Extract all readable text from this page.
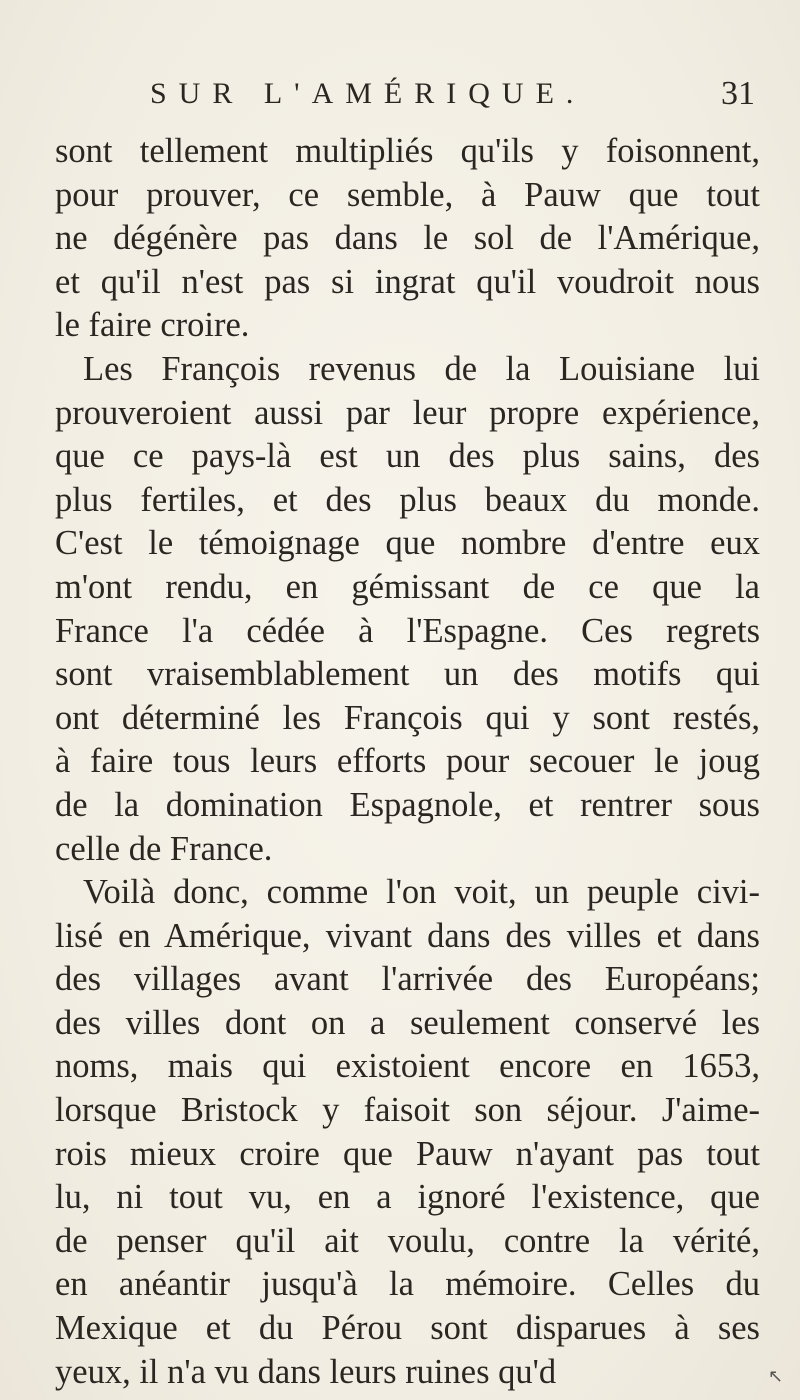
SUR L'AMÉRIQUE.	31
sont tellement multipliés qu'ils y foisonnent,
pour prouver, ce semble, à Pauw que tout
ne dégénère pas dans le sol de l'Amérique,
et qu'il n'est pas si ingrat qu'il voudroit nous
le faire croire.
Les François revenus de la Louisiane lui
prouveroient aussi par leur propre expérience,
que ce pays-là est un des plus sains, des
plus fertiles, et des plus beaux du monde.
C'est le témoignage que nombre d'entre eux
m'ont rendu, en gémissant de ce que la
France l'a cédée à l'Espagne. Ces regrets
sont vraisemblablement un des motifs qui
ont déterminé les François qui y sont restés,
à faire tous leurs efforts pour secouer le joug
de la domination Espagnole, et rentrer sous
celle de France.
Voilà donc, comme l'on voit, un peuple civi-
lisé en Amérique, vivant dans des villes et dans
des villages avant l'arrivée des Européans;
des villes dont on a seulement conservé les
noms, mais qui existoient encore en 1653,
lorsque Bristock y faisoit son séjour. J'aime-
rois mieux croire que Pauw n'ayant pas tout
lu, ni tout vu, en a ignoré l'existence, que
de penser qu'il ait voulu, contre la vérité,
en anéantir jusqu'à la mémoire. Celles du
Mexique et du Pérou sont disparues à ses
yeux, il n'a vu dans leurs ruines qu'd	↖
